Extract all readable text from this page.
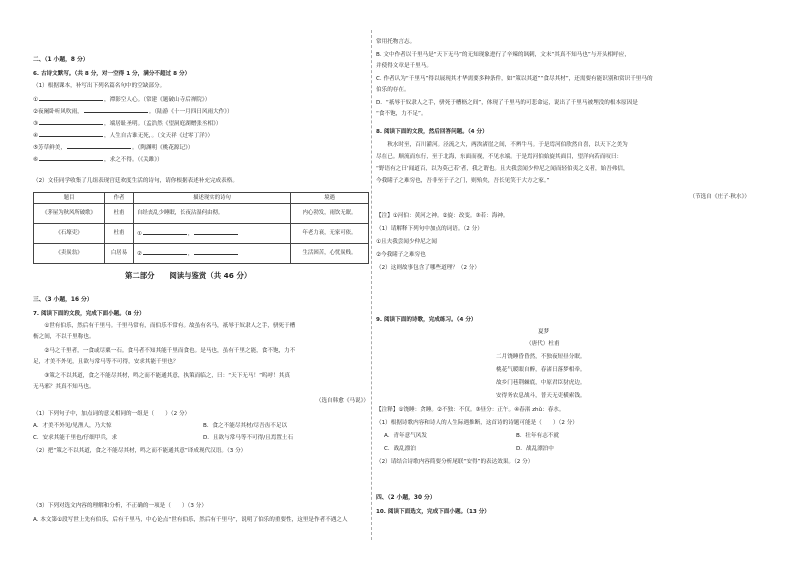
二、（1 小题，8 分）
6. 古诗文默写。（共 8 分，对一空得 1 分，满分不超过 8 分）
（1）根据课本，补写出下列名篇名句中的空缺部分。
①	，潭影空人心。（常建《题破山寺后禅院》）
②夜阑卧听风吹雨，	。（陆游《十一月四日风雨大作》）
③	，端居耻圣明。（孟浩然《望洞庭湖赠张丞相》）
④	，人生自古谁无死，。（文天祥《过零丁洋》）
⑤芳草鲜美，	。（陶渊明《桃花源记》）
⑥	，求之不得。（《关雎》）
（2）文佳同学收集了几组表现宫廷欢度生活的诗句，请你根据表述补充完成表格。
题目	作者	描述现实的诗句	境遇
《茅屋为秋风所破歌》	杜甫	自经丧乱少睡眠，长夜沾湿何由彻。	内心勃发，雨饮无眠。
《石壕吏》	杜甫	① ，	年老力衰，无家可依。
《卖炭翁》	白居易	② ，	生活困苦，心忧炭贱。
第二部分　　阅读与鉴赏（共 46 分）
三、（3 小题，16 分）
7. 阅读下面的文段，完成下面小题。（8 分）
　　①世有伯乐，然后有千里马。千里马常有，而伯乐不常有。故虽有名马，祇辱于奴隶人之手，骈死于槽
枥之间，不以千里称也。
　　②马之千里者，一食或尽粟一石。食马者不知其能千里而食也。是马也，虽有千里之能，食不饱，力不
足，才美不外见，且欲与常马等不可得，安求其能千里也？
　　③策之不以其道，食之不能尽其材，鸣之而不能通其意，执策而临之，曰：“天下无马！”呜呼！其真
无马邪？其真不知马也。
（选自韩愈《马说》）
（1）下列句子中，加点词的意义相同的一组是（　　）（2 分）
A．才美不外见/见渔人，乃大惊	B．食之不能尽其材/尽吾齿不足以
C．安求其能千里也/仔细甲兵，求	D．且欲与常马等不可得/且焉置土石
（2）把“策之不以其道，食之不能尽其材，鸣之而不能通其意”译成现代汉语。（3 分）
（3）下列对选文内容的理解和分析，不正确的一项是（　　）（3 分）
A. 本文第①段写世上先有伯乐，后有千里马，中心论点“世有伯乐，然后有千里马”，说明了伯乐的重要性，这里是作者不遇之人
常用托物言志。
B. 文中作者以千里马是“天下无马”的无知现象进行了辛辣的讽刺，文末“其真不知马也”与开头相呼应，
并使得文章是千里马。
C. 作者认为“千里马”得以展现其才华需要多种条件，如“策以其道”“食尽其材”，还需要有能识别和赏识千里马的
伯乐的存在。
D．“祇辱于奴隶人之手，骈死于槽枥之间”，体现了千里马的可悲命运，说出了千里马被埋没的根本原因是
“食不饱，力不足”。
8. 阅读下面的文段，然后回答问题。（4 分）
　　秋水时至，百川灌河。泾流之大，两涘渚崖之间，不辨牛马。于是焉河伯欣然自喜，以天下之美为
尽在已。顺流而东行，至于北海，东面而视，不见水端。于是焉河伯始旋其面目，望洋向若而叹曰：
“野语有之曰‘闻道百，以为莫己若’者，我之谓也。且夫我尝闻少仲尼之闻而轻伯夷之义者，始吾弗信，
今我睹子之难穷也，吾非至于子之门，则殆矣，吾长见笑于大方之家。”
（节选自《庄子·秋水》）
【注】①河伯：黄河之神。②旋：改变。③若：海神。
（1）请解释下列句中加点的词语。（2 分）
①且夫我尝闻少仲尼之闻
②今我睹子之难穷也
（2）这则故事包含了哪些道理？（2 分）
9. 阅读下面的诗歌，完成练习。（4 分）
夏梦
（唐代）杜甫
二月饶睡昏昏然，不独夜短昼分眠。
桃花气暖眼自醉，春渚日落梦相牵。
故乡门巷荆棘底，中原君臣豺虎边。
安得务农息战斗，普天无吏横索钱。
【注释】①饶睡：贪睡。②不独：不仅。③昼分：正午。④春渚 zhǔ：春水。
（1）根据诗歌内容和诗人的人生际遇推断，这首诗的诗题可能是（　　）（2 分）
A．青年意气风发	B．壮年有志不就
C．战乱漂泊	D．战乱漂泊中
（2）请结合诗歌内容简要分析尾联“安得”的表达效果。（2 分）
四、（2 小题，30 分）
10. 阅读下面选文，完成下面小题。（13 分）
